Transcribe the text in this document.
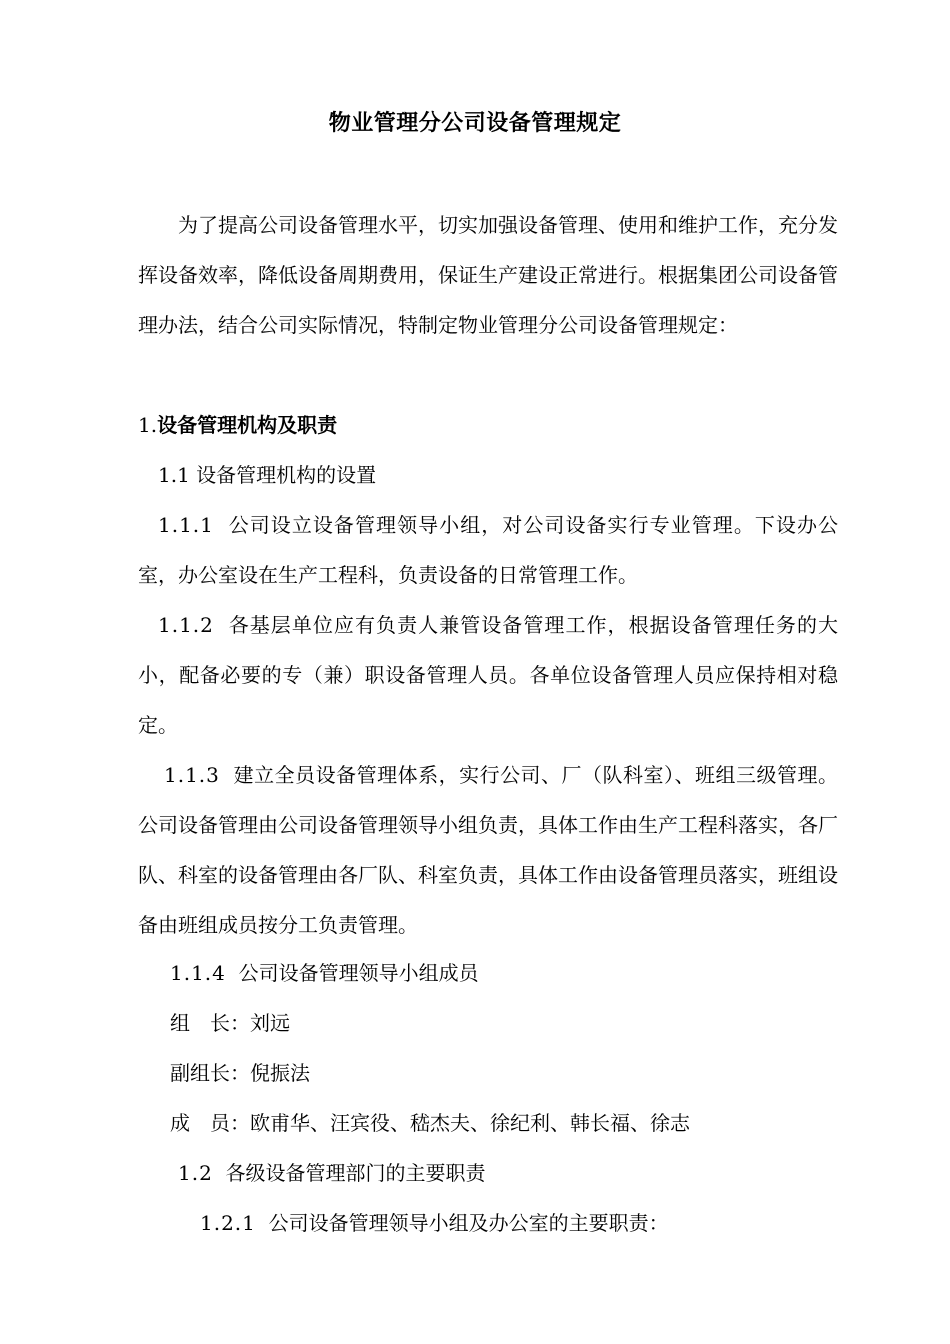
物业管理分公司设备管理规定
为了提高公司设备管理水平，切实加强设备管理、使用和维护工作，充分发挥设备效率，降低设备周期费用，保证生产建设正常进行。根据集团公司设备管理办法，结合公司实际情况，特制定物业管理分公司设备管理规定：
1.设备管理机构及职责
1.1 设备管理机构的设置
1.1.1 公司设立设备管理领导小组，对公司设备实行专业管理。下设办公室，办公室设在生产工程科，负责设备的日常管理工作。
1.1.2 各基层单位应有负责人兼管设备管理工作，根据设备管理任务的大小，配备必要的专（兼）职设备管理人员。各单位设备管理人员应保持相对稳定。
1.1.3 建立全员设备管理体系，实行公司、厂（队科室）、班组三级管理。公司设备管理由公司设备管理领导小组负责，具体工作由生产工程科落实，各厂队、科室的设备管理由各厂队、科室负责，具体工作由设备管理员落实，班组设备由班组成员按分工负责管理。
1.1.4 公司设备管理领导小组成员
组　长：刘远
副组长：倪振法
成　员：欧甫华、汪宾役、嵇杰夫、徐纪利、韩长福、徐志
1.2 各级设备管理部门的主要职责
1.2.1 公司设备管理领导小组及办公室的主要职责：
